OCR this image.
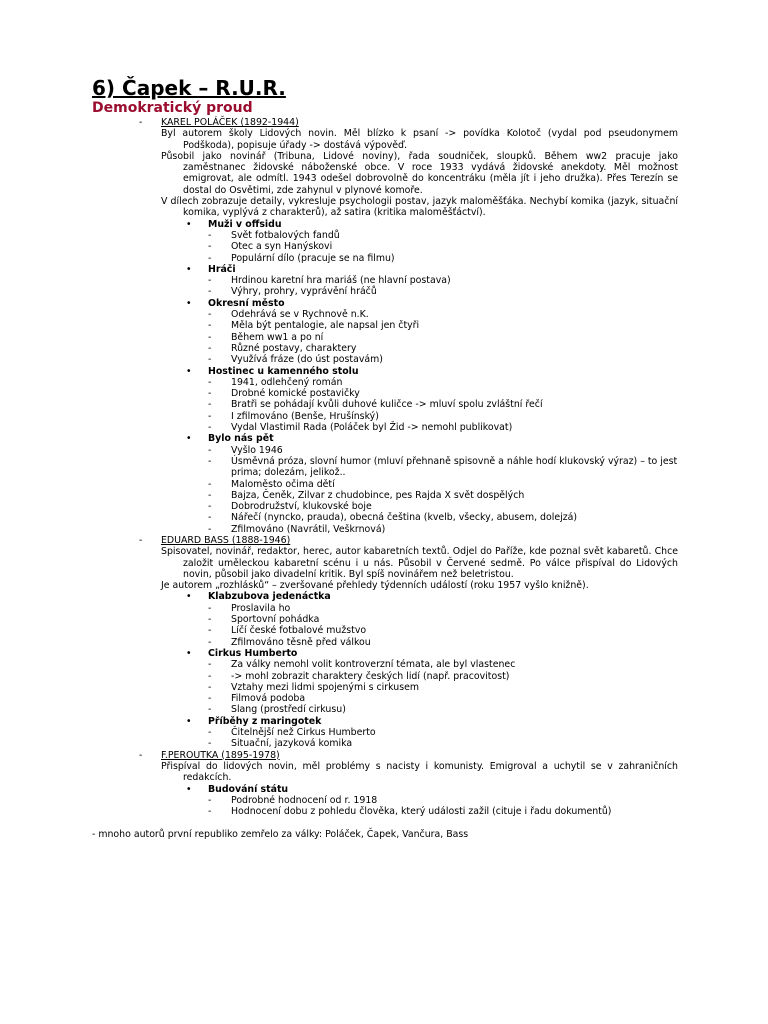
6) Čapek – R.U.R.
Demokratický proud
- KAREL POLÁČEK (1892-1944)
Byl autorem školy Lidových novin. Měl blízko k psaní -> povídka Kolotoč (vydal pod pseudonymem Podškoda), popisuje úřady -> dostává výpověď.
Působil jako novinář (Tribuna, Lidové noviny), řada soudniček, sloupků. Během ww2 pracuje jako zaměstnanec židovské náboženské obce. V roce 1933 vydává židovské anekdoty. Měl možnost emigrovat, ale odmítl. 1943 odešel dobrovolně do koncentráku (měla jít i jeho družka). Přes Terezín se dostal do Osvětimi, zde zahynul v plynové komoře.
V dílech zobrazuje detaily, vykresluje psychologii postav, jazyk maloměšťáka. Nechybí komika (jazyk, situační komika, vyplývá z charakterů), až satira (kritika maloměšťáctví).
• Muži v offsidu
- Svět fotbalových fandů
- Otec a syn Hanýskovi
- Populární dílo (pracuje se na filmu)
• Hráči
- Hrdinou karetní hra mariáš (ne hlavní postava)
- Výhry, prohry, vyprávění hráčů
• Okresní město
- Odehrává se v Rychnově n.K.
- Měla být pentalogie, ale napsal jen čtyři
- Během ww1 a po ní
- Různé postavy, charaktery
- Využívá fráze (do úst postavám)
• Hostinec u kamenného stolu
- 1941, odlehčený román
- Drobné komické postavičky
- Bratři se pohádají kvůli duhové kuličce -> mluví spolu zvláštní řečí
- I zfilmováno (Benše, Hrušínský)
- Vydal Vlastimil Rada (Poláček byl Žid -> nemohl publikovat)
• Bylo nás pět
- Vyšlo 1946
- Úsměvná próza, slovní humor (mluví přehnaně spisovně a náhle hodí klukovský výraz) – to jest prima; dolezám, jelikož..
- Maloměsto očima dětí
- Bajza, Čeněk, Zilvar z chudobince, pes Rajda X svět dospělých
- Dobrodružství, klukovské boje
- Nářečí (nyncko, prauda), obecná čeština (kvelb, všecky, abusem, dolejzá)
- Zfilmováno (Navrátil, Veškrnová)
- EDUARD BASS (1888-1946)
Spisovatel, novinář, redaktor, herec, autor kabaretních textů. Odjel do Paříže, kde poznal svět kabaretů. Chce založit uměleckou kabaretní scénu i u nás. Působil v Červené sedmě. Po válce přispíval do Lidových novin, působil jako divadelní kritik. Byl spíš novinářem než beletristou.
Je autorem „rozhlásků“ – zveršované přehledy týdenních událostí (roku 1957 vyšlo knižně).
• Klabzubova jedenáctka
- Proslavila ho
- Sportovní pohádka
- Líčí české fotbalové mužstvo
- Zfilmováno těsně před válkou
• Cirkus Humberto
- Za války nemohl volit kontroverzní témata, ale byl vlastenec
- -> mohl zobrazit charaktery českých lidí (např. pracovitost)
- Vztahy mezi lidmi spojenými s cirkusem
- Filmová podoba
- Slang (prostředí cirkusu)
• Příběhy z maringotek
- Čitelnější než Cirkus Humberto
- Situační, jazyková komika
- F.PEROUTKA (1895-1978)
Přispíval do lidových novin, měl problémy s nacisty i komunisty. Emigroval a uchytil se v zahraničních redakcích.
• Budování státu
- Podrobné hodnocení od r. 1918
- Hodnocení dobu z pohledu člověka, který události zažil (cituje i řadu dokumentů)
- mnoho autorů první republiko zemřelo za války: Poláček, Čapek, Vančura, Bass
